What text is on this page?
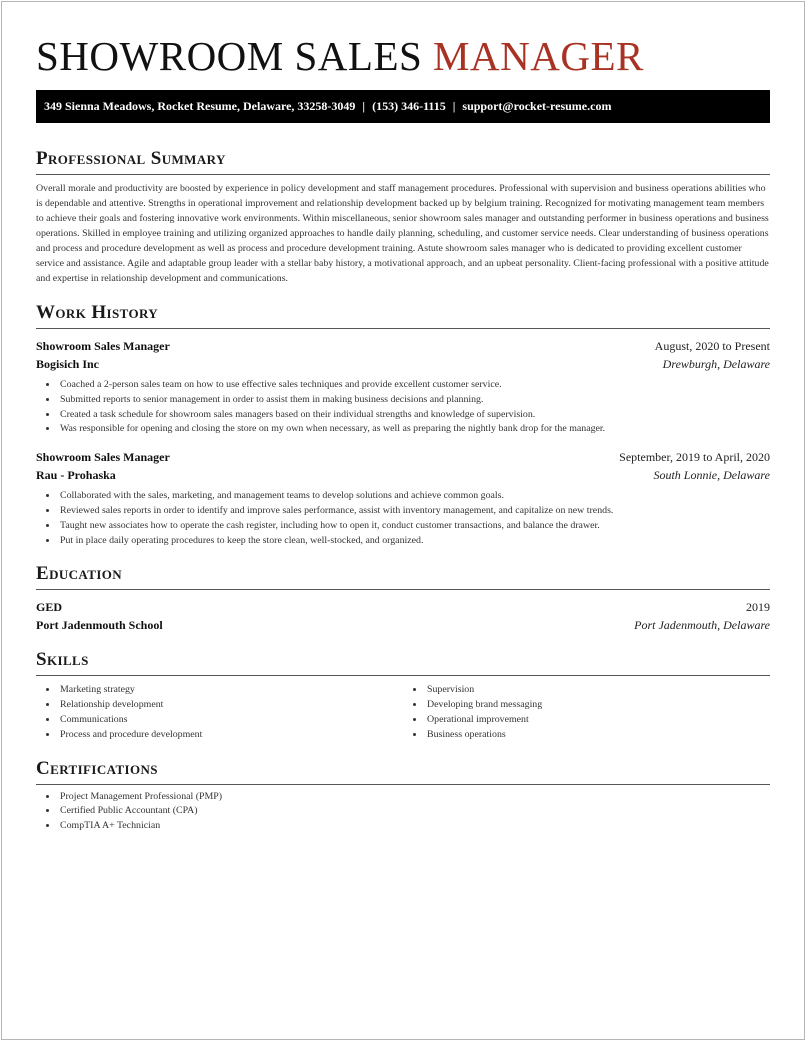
SHOWROOM SALES MANAGER
349 Sienna Meadows, Rocket Resume, Delaware, 33258-3049 | (153) 346-1115 | support@rocket-resume.com
Professional Summary

Overall morale and productivity are boosted by experience in policy development and staff management procedures. Professional with supervision and business operations abilities who is dependable and attentive. Strengths in operational improvement and relationship development backed up by belgium training. Recognized for motivating management team members to achieve their goals and fostering innovative work environments. Within miscellaneous, senior showroom sales manager and outstanding performer in business operations and business operations. Skilled in employee training and utilizing organized approaches to handle daily planning, scheduling, and customer service needs. Clear understanding of business operations and process and procedure development as well as process and procedure development training. Astute showroom sales manager who is dedicated to providing excellent customer service and assistance. Agile and adaptable group leader with a stellar baby history, a motivational approach, and an upbeat personality. Client-facing professional with a positive attitude and expertise in relationship development and communications.

Work History
Showroom Sales Manager	August, 2020 to Present
Bogisich Inc	Drewburgh, Delaware
• Coached a 2-person sales team on how to use effective sales techniques and provide excellent customer service.
• Submitted reports to senior management in order to assist them in making business decisions and planning.
• Created a task schedule for showroom sales managers based on their individual strengths and knowledge of supervision.
• Was responsible for opening and closing the store on my own when necessary, as well as preparing the nightly bank drop for the manager.
Showroom Sales Manager	September, 2019 to April, 2020
Rau - Prohaska	South Lonnie, Delaware
• Collaborated with the sales, marketing, and management teams to develop solutions and achieve common goals.
• Reviewed sales reports in order to identify and improve sales performance, assist with inventory management, and capitalize on new trends.
• Taught new associates how to operate the cash register, including how to open it, conduct customer transactions, and balance the drawer.
• Put in place daily operating procedures to keep the store clean, well-stocked, and organized.
Education
GED	2019
Port Jadenmouth School	Port Jadenmouth, Delaware
Skills
• Marketing strategy
• Relationship development
• Communications
• Process and procedure development
• Supervision
• Developing brand messaging
• Operational improvement
• Business operations
Certifications
• Project Management Professional (PMP)
• Certified Public Accountant (CPA)
• CompTIA A+ Technician
